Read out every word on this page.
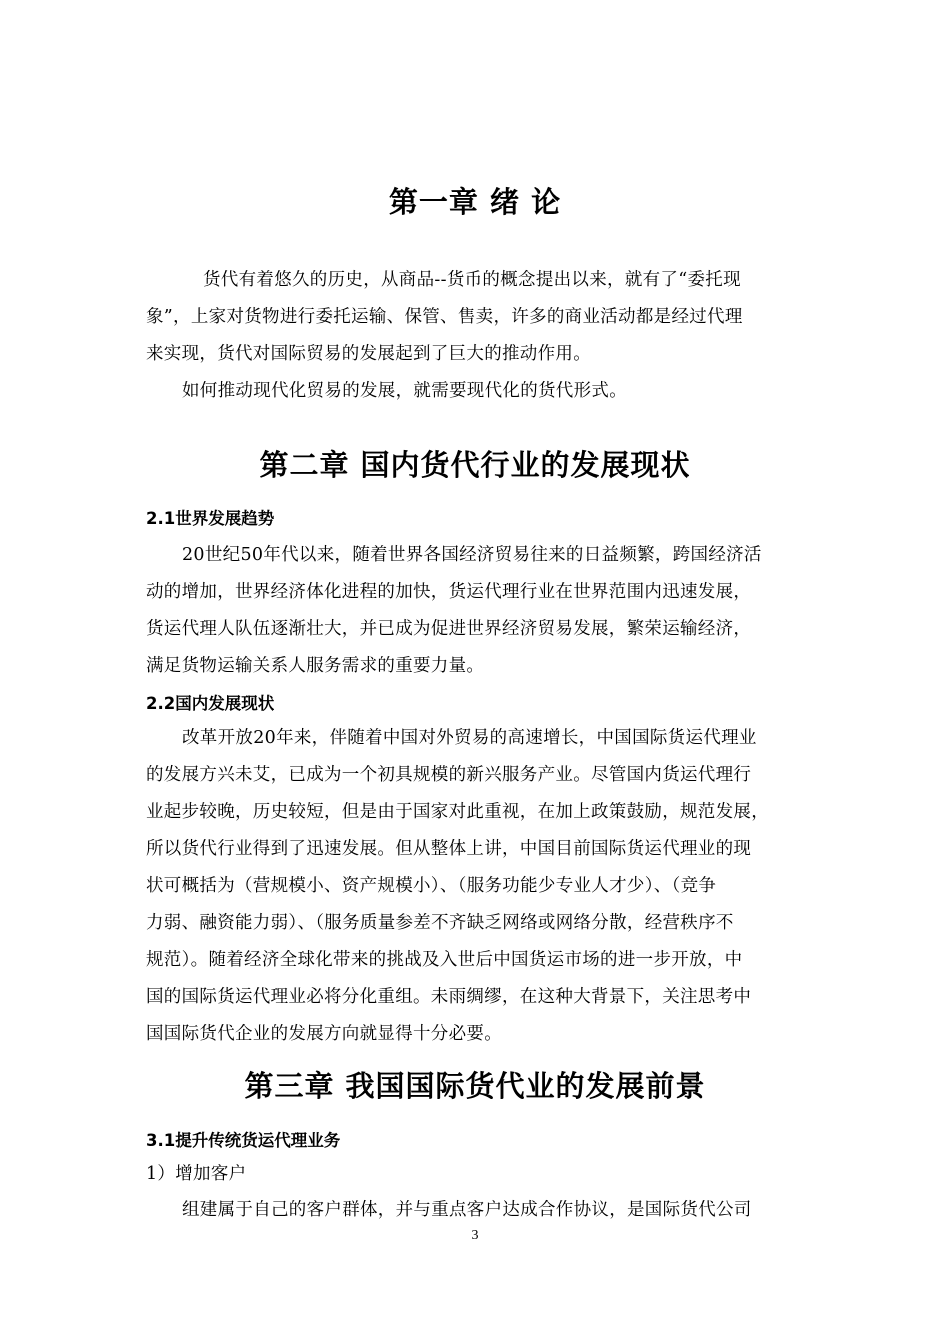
第一章 绪 论
货代有着悠久的历史，从商品--货币的概念提出以来，就有了“委托现
象”，上家对货物进行委托运输、保管、售卖，许多的商业活动都是经过代理
来实现，货代对国际贸易的发展起到了巨大的推动作用。
如何推动现代化贸易的发展，就需要现代化的货代形式。
第二章 国内货代行业的发展现状
2.1世界发展趋势
20世纪50年代以来，随着世界各国经济贸易往来的日益频繁，跨国经济活
动的增加，世界经济体化进程的加快，货运代理行业在世界范围内迅速发展，
货运代理人队伍逐渐壮大，并已成为促进世界经济贸易发展，繁荣运输经济，
满足货物运输关系人服务需求的重要力量。
2.2国内发展现状
改革开放20年来，伴随着中国对外贸易的高速增长，中国国际货运代理业
的发展方兴未艾，已成为一个初具规模的新兴服务产业。尽管国内货运代理行
业起步较晚，历史较短，但是由于国家对此重视，在加上政策鼓励，规范发展，
所以货代行业得到了迅速发展。但从整体上讲，中国目前国际货运代理业的现
状可概括为（营规模小、资产规模小）、（服务功能少专业人才少）、（竞争
力弱、融资能力弱）、（服务质量参差不齐缺乏网络或网络分散，经营秩序不
规范）。随着经济全球化带来的挑战及入世后中国货运市场的进一步开放，中
国的国际货运代理业必将分化重组。未雨绸缪，在这种大背景下，关注思考中
国国际货代企业的发展方向就显得十分必要。
第三章 我国国际货代业的发展前景
3.1提升传统货运代理业务
1）增加客户
组建属于自己的客户群体，并与重点客户达成合作协议，是国际货代公司
3
